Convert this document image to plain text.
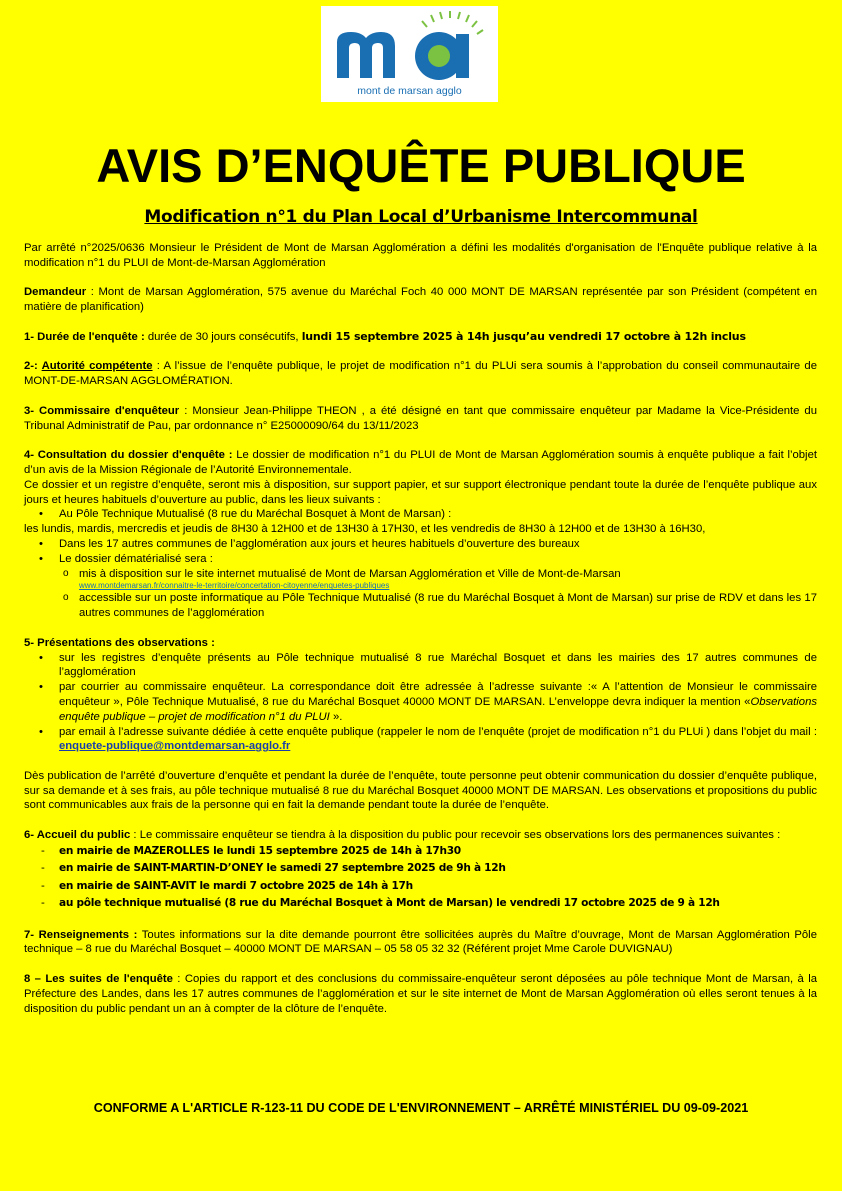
mont de marsan agglo
AVIS D’ENQUÊTE PUBLIQUE
Modification n°1 du Plan Local d’Urbanisme Intercommunal

Par arrêté n°2025/0636 Monsieur le Président de Mont de Marsan Agglomération a défini les modalités d'organisation de l'Enquête publique relative à la modification n°1 du PLUI de Mont-de-Marsan Agglomération

Demandeur : Mont de Marsan Agglomération, 575 avenue du Maréchal Foch 40 000 MONT DE MARSAN représentée par son Président (compétent en matière de planification)

1- Durée de l'enquête : durée de 30 jours consécutifs, lundi 15 septembre 2025 à 14h jusqu’au vendredi 17 octobre à 12h inclus

2-: Autorité compétente : A l’issue de l’enquête publique, le projet de modification n°1 du PLUi sera soumis à l’approbation du conseil communautaire de MONT-DE-MARSAN AGGLOMÉRATION.

3- Commissaire d'enquêteur : Monsieur Jean-Philippe THEON , a été désigné en tant que commissaire enquêteur par Madame la Vice-Présidente du Tribunal Administratif de Pau, par ordonnance n° E25000090/64 du 13/11/2023

4- Consultation du dossier d'enquête : Le dossier de modification n°1 du PLUI de Mont de Marsan Agglomération soumis à enquête publique a fait l’objet d’un avis de la Mission Régionale de l’Autorité Environnementale.

Ce dossier et un registre d’enquête, seront mis à disposition, sur support papier, et sur support électronique pendant toute la durée de l’enquête publique aux jours et heures habituels d’ouverture au public, dans les lieux suivants :

• Au Pôle Technique Mutualisé (8 rue du Maréchal Bosquet à Mont de Marsan) :

les lundis, mardis, mercredis et jeudis de 8H30 à 12H00 et de 13H30 à 17H30, et les vendredis de 8H30 à 12H00 et de 13H30 à 16H30,

• Dans les 17 autres communes de l’agglomération aux jours et heures habituels d’ouverture des bureaux
• Le dossier dématérialisé sera :
o mis à disposition sur le site internet mutualisé de Mont de Marsan Agglomération et Ville de Mont-de-Marsan
www.montdemarsan.fr/connaitre-le-territoire/concertation-citoyenne/enquetes-publiques
o accessible sur un poste informatique au Pôle Technique Mutualisé (8 rue du Maréchal Bosquet à Mont de Marsan) sur prise de RDV et dans les 17 autres communes de l’agglomération

5- Présentations des observations :

• sur les registres d’enquête présents au Pôle technique mutualisé 8 rue Maréchal Bosquet et dans les mairies des 17 autres communes de l’agglomération
• par courrier au commissaire enquêteur. La correspondance doit être adressée à l’adresse suivante :« A l’attention de Monsieur le commissaire enquêteur », Pôle Technique Mutualisé, 8 rue du Maréchal Bosquet 40000 MONT DE MARSAN. L’enveloppe devra indiquer la mention «Observations enquête publique – projet de modification n°1 du PLUI ».
• par email à l’adresse suivante dédiée à cette enquête publique (rappeler le nom de l’enquête (projet de modification n°1 du PLUi ) dans l’objet du mail : enquete-publique@montdemarsan-agglo.fr

Dès publication de l’arrêté d’ouverture d’enquête et pendant la durée de l’enquête, toute personne peut obtenir communication du dossier d’enquête publique, sur sa demande et à ses frais, au pôle technique mutualisé 8 rue du Maréchal Bosquet 40000 MONT DE MARSAN. Les observations et propositions du public sont communicables aux frais de la personne qui en fait la demande pendant toute la durée de l’enquête.

6- Accueil du public : Le commissaire enquêteur se tiendra à la disposition du public pour recevoir ses observations lors des permanences suivantes :

- en mairie de MAZEROLLES le lundi 15 septembre 2025 de 14h à 17h30
- en mairie de SAINT-MARTIN-D’ONEY le samedi 27 septembre 2025 de 9h à 12h
- en mairie de SAINT-AVIT le mardi 7 octobre 2025 de 14h à 17h
- au pôle technique mutualisé (8 rue du Maréchal Bosquet à Mont de Marsan) le vendredi 17 octobre 2025 de 9 à 12h

7- Renseignements : Toutes informations sur la dite demande pourront être sollicitées auprès du Maître d’ouvrage, Mont de Marsan Agglomération Pôle technique – 8 rue du Maréchal Bosquet – 40000 MONT DE MARSAN – 05 58 05 32 32 (Référent projet Mme Carole DUVIGNAU)

8 – Les suites de l'enquête : Copies du rapport et des conclusions du commissaire-enquêteur seront déposées au pôle technique Mont de Marsan, à la Préfecture des Landes, dans les 17 autres communes de l’agglomération et sur le site internet de Mont de Marsan Agglomération où elles seront tenues à la disposition du public pendant un an à compter de la clôture de l’enquête.

CONFORME A L'ARTICLE R-123-11 DU CODE DE L'ENVIRONNEMENT – ARRÊTÉ MINISTÉRIEL DU 09-09-2021
